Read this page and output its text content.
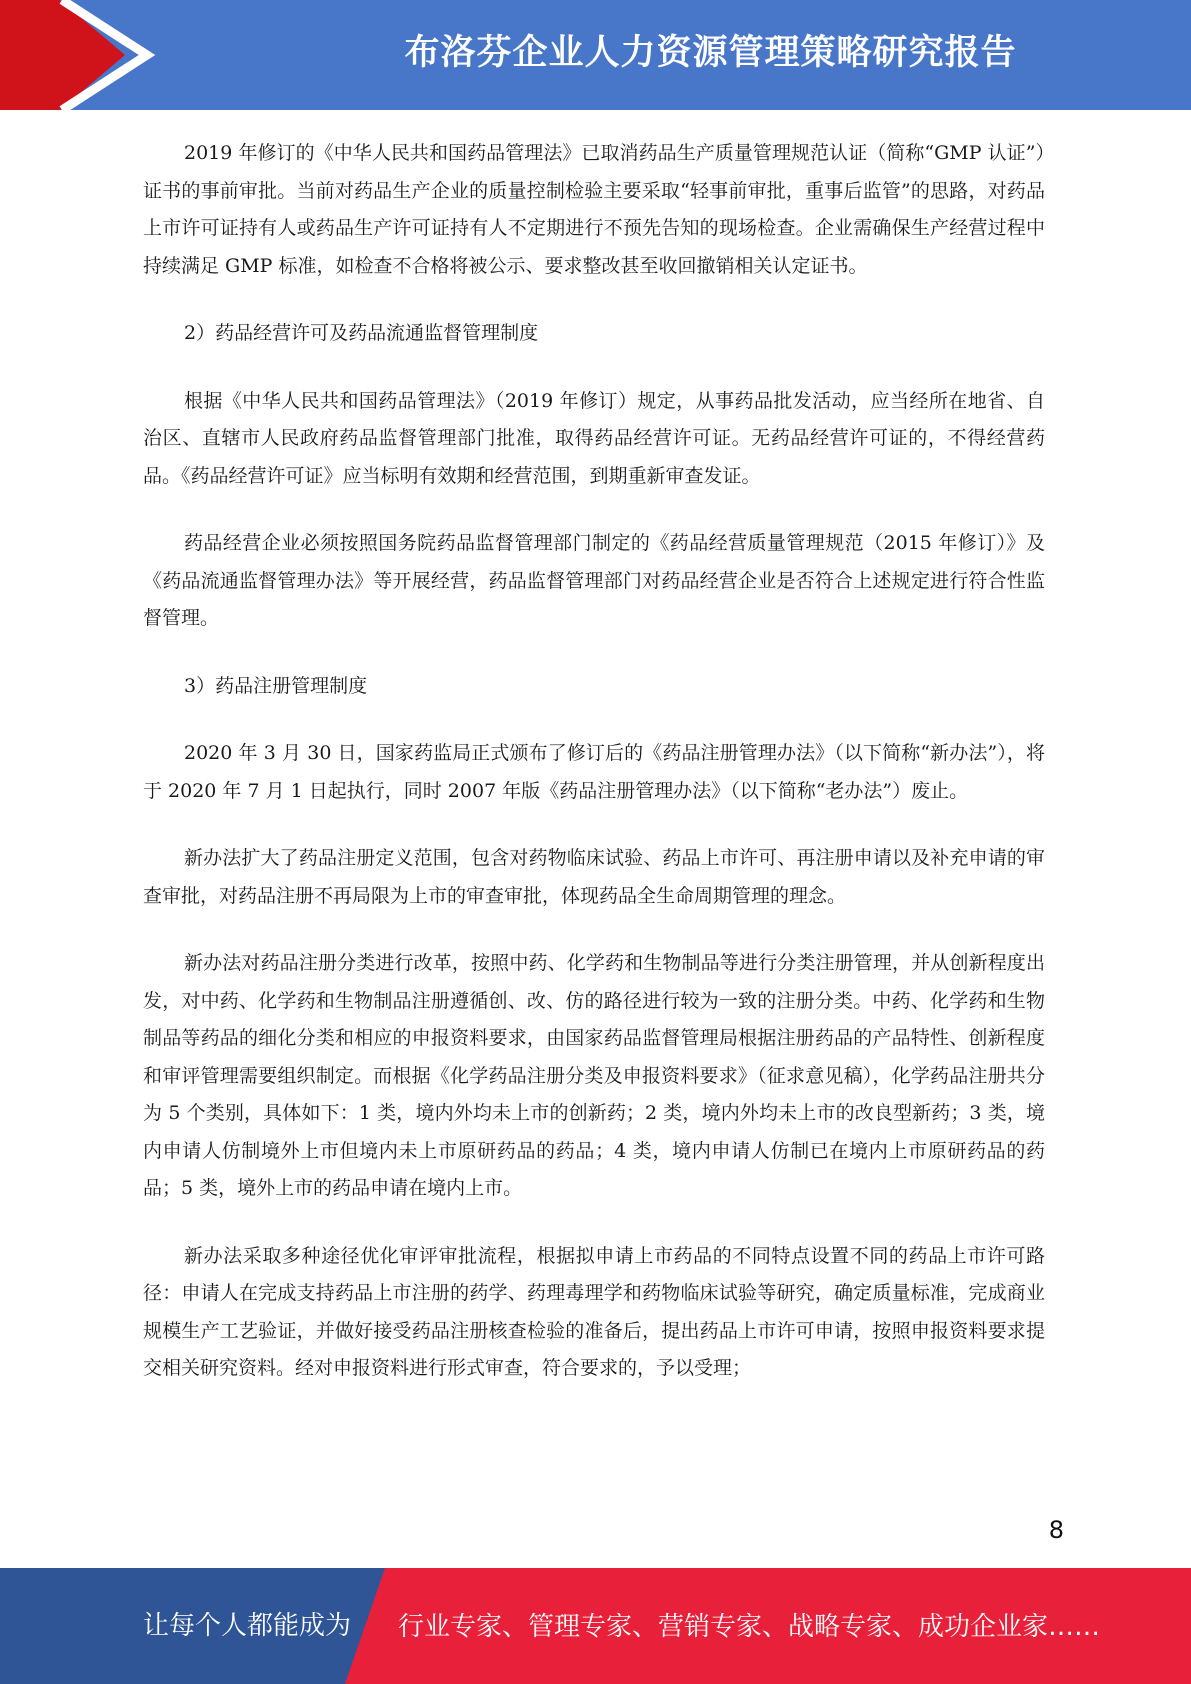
布洛芬企业人力资源管理策略研究报告

2019 年修订的《中华人民共和国药品管理法》已取消药品生产质量管理规范认证（简称“GMP 认证”）证书的事前审批。当前对药品生产企业的质量控制检验主要采取“轻事前审批，重事后监管”的思路，对药品上市许可证持有人或药品生产许可证持有人不定期进行不预先告知的现场检查。企业需确保生产经营过程中持续满足 GMP 标准，如检查不合格将被公示、要求整改甚至收回撤销相关认定证书。

2）药品经营许可及药品流通监督管理制度

根据《中华人民共和国药品管理法》（2019 年修订）规定，从事药品批发活动，应当经所在地省、自治区、直辖市人民政府药品监督管理部门批准，取得药品经营许可证。无药品经营许可证的，不得经营药品。《药品经营许可证》应当标明有效期和经营范围，到期重新审查发证。

药品经营企业必须按照国务院药品监督管理部门制定的《药品经营质量管理规范（2015 年修订）》及《药品流通监督管理办法》等开展经营，药品监督管理部门对药品经营企业是否符合上述规定进行符合性监督管理。

3）药品注册管理制度

2020 年 3 月 30 日，国家药监局正式颁布了修订后的《药品注册管理办法》（以下简称“新办法”），将于 2020 年 7 月 1 日起执行，同时 2007 年版《药品注册管理办法》（以下简称“老办法”）废止。

新办法扩大了药品注册定义范围，包含对药物临床试验、药品上市许可、再注册申请以及补充申请的审查审批，对药品注册不再局限为上市的审查审批，体现药品全生命周期管理的理念。

新办法对药品注册分类进行改革，按照中药、化学药和生物制品等进行分类注册管理，并从创新程度出发，对中药、化学药和生物制品注册遵循创、改、仿的路径进行较为一致的注册分类。中药、化学药和生物制品等药品的细化分类和相应的申报资料要求，由国家药品监督管理局根据注册药品的产品特性、创新程度和审评管理需要组织制定。而根据《化学药品注册分类及申报资料要求》（征求意见稿），化学药品注册共分为 5 个类别，具体如下：1 类，境内外均未上市的创新药；2 类，境内外均未上市的改良型新药；3 类，境内申请人仿制境外上市但境内未上市原研药品的药品；4 类，境内申请人仿制已在境内上市原研药品的药品；5 类，境外上市的药品申请在境内上市。

新办法采取多种途径优化审评审批流程，根据拟申请上市药品的不同特点设置不同的药品上市许可路径：申请人在完成支持药品上市注册的药学、药理毒理学和药物临床试验等研究，确定质量标准，完成商业规模生产工艺验证，并做好接受药品注册核查检验的准备后，提出药品上市许可申请，按照申报资料要求提交相关研究资料。经对申报资料进行形式审查，符合要求的，予以受理；

8
让每个人都能成为 行业专家、管理专家、营销专家、战略专家、成功企业家……
